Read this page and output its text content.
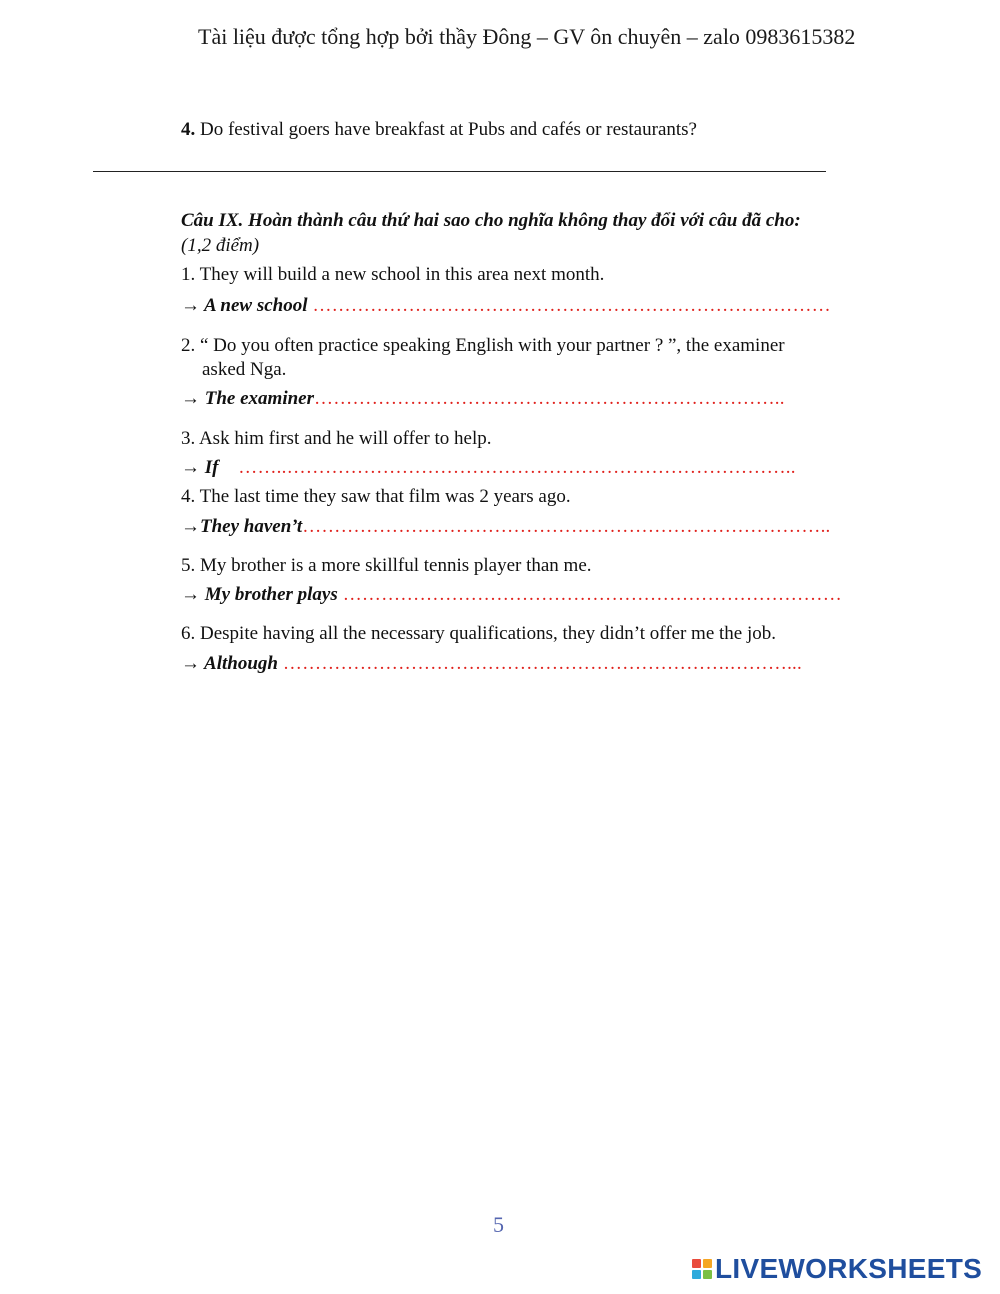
Tài liệu được tổng hợp bởi thầy Đông – GV ôn chuyên – zalo 0983615382
4. Do festival goers have breakfast at Pubs and cafés or restaurants?
Câu IX. Hoàn thành câu thứ hai sao cho nghĩa không thay đổi với câu đã cho:
(1,2 điểm)
1. They will build a new school in this area next month.
→ A new school ………………………………………………………………………
2. “ Do you often practice speaking English with your partner ? ”, the examiner
asked Nga.
→ The examiner………………………………………………………………..
3. Ask him first and he will offer to help.
→ If    ……..……………………………………………………………………..
4. The last time they saw that film was 2 years ago.
→They haven’t………………………………………………………………………..
5. My brother is a more skillful tennis player than me.
→ My brother plays ……………………………………………………………………
6. Despite having all the necessary qualifications, they didn’t offer me the job.
→ Although …………………………………………………………….………...
5
LIVEWORKSHEETS
